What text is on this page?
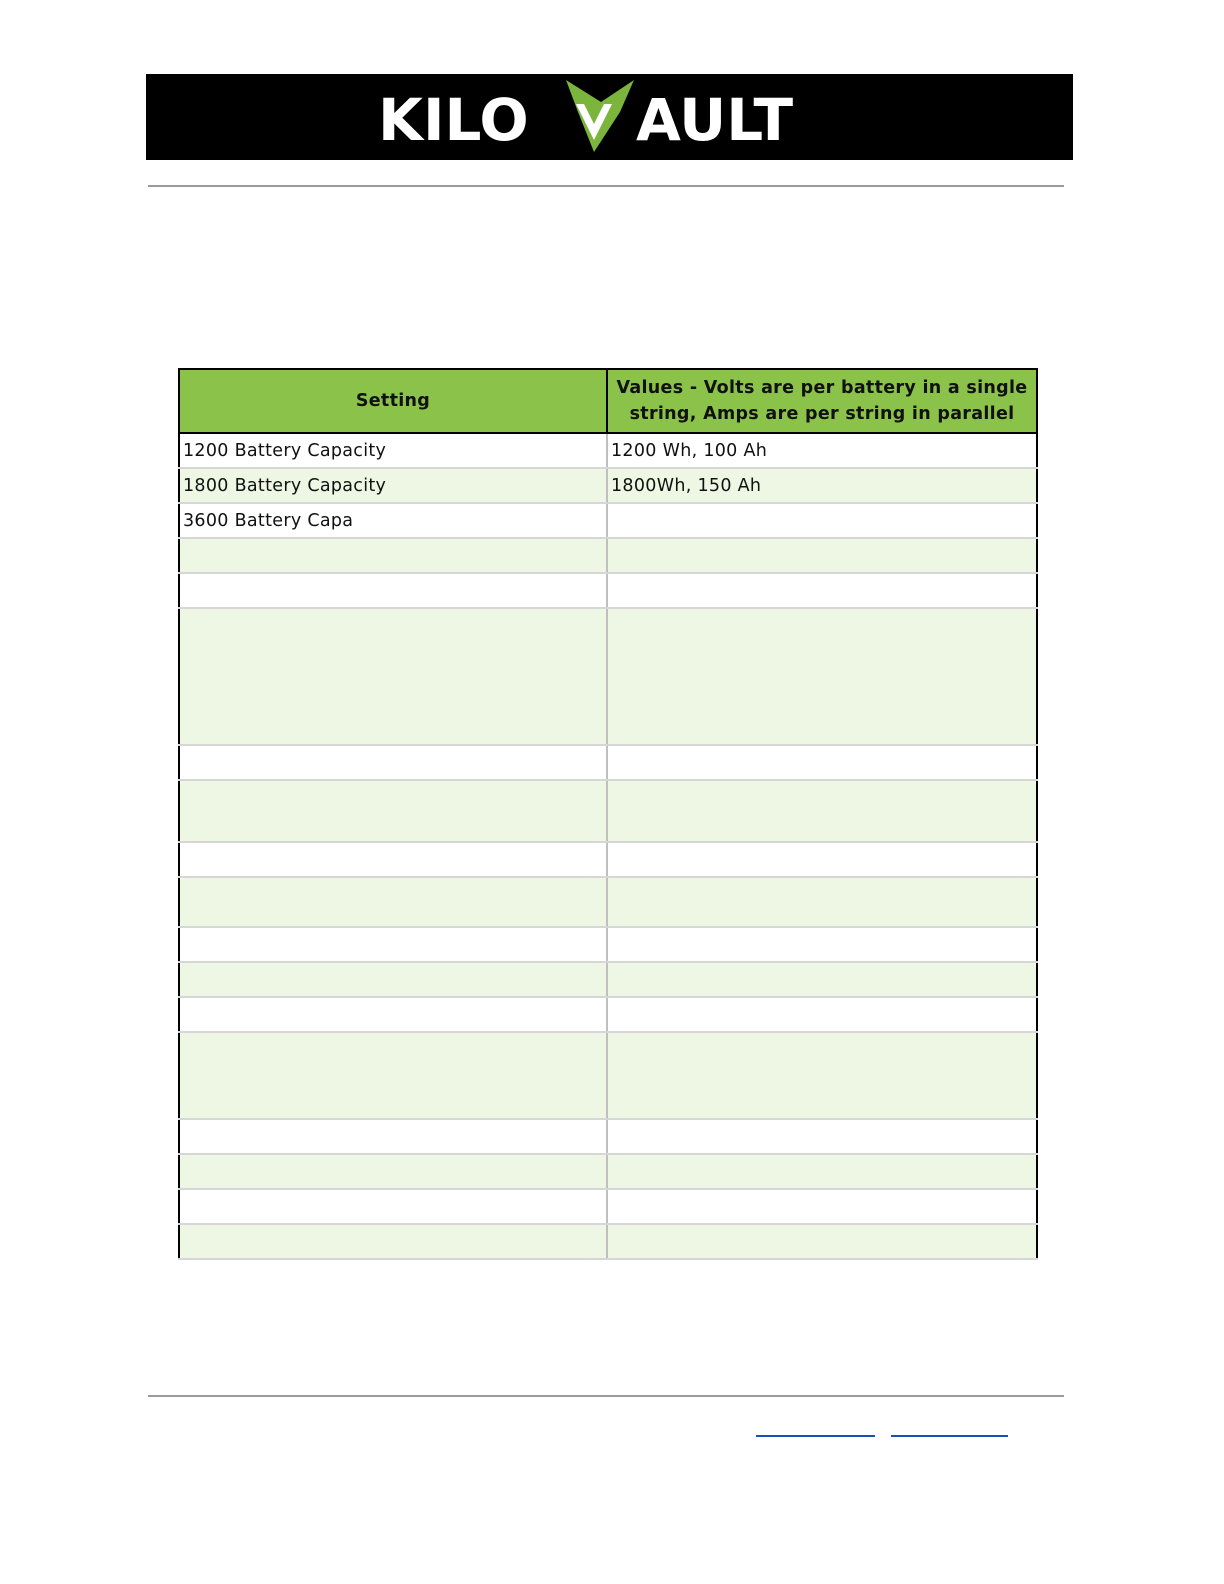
KILO AULT
Setting	Values - Volts are per battery in a single string, Amps are per string in parallel
1200 Battery Capacity	1200 Wh, 100 Ah
1800 Battery Capacity	1800Wh, 150 Ah
3600 Battery Capa	
